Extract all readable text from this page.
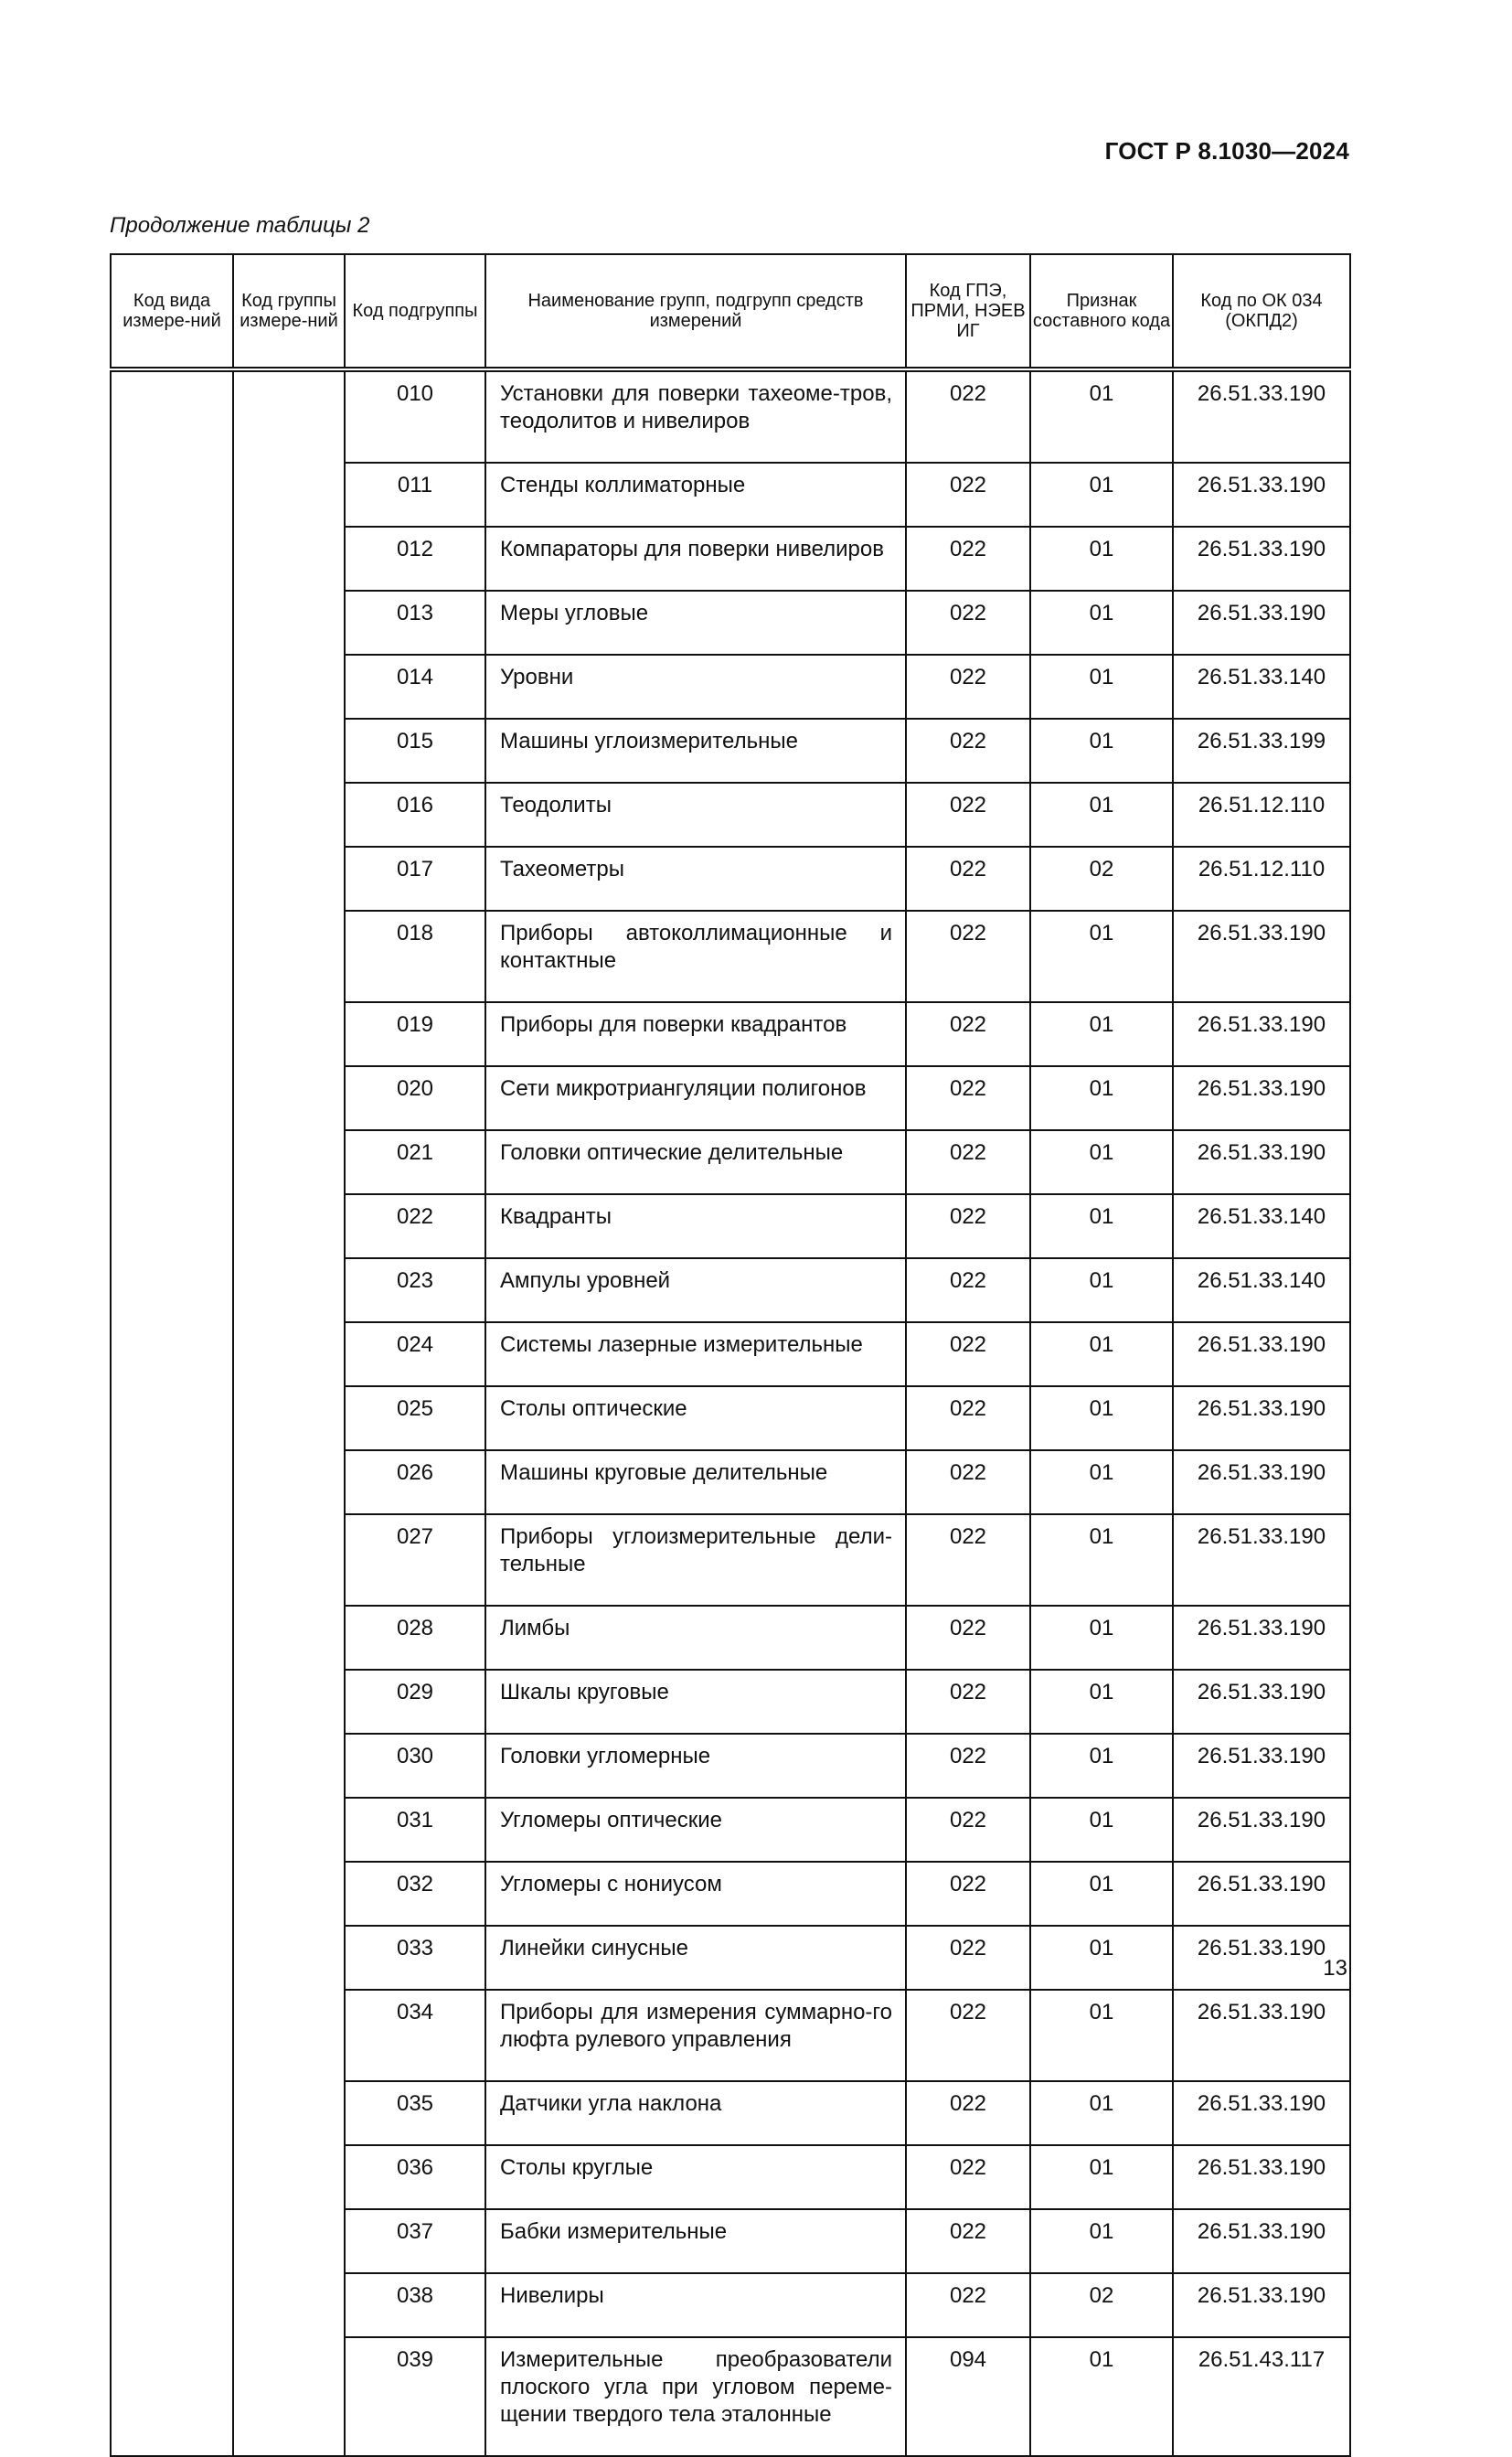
ГОСТ Р 8.1030—2024
Продолжение таблицы 2
Код вида измере-ний	Код группы измере-ний	Код подгруппы	Наименование групп, подгрупп средств измерений	Код ГПЭ, ПРМИ, НЭЕВ ИГ	Признак составного кода	Код по ОК 034 (ОКПД2)
		010	Установки для поверки тахеоме-тров, теодолитов и нивелиров	022	01	26.51.33.190
		011	Стенды коллиматорные	022	01	26.51.33.190
		012	Компараторы для поверки нивелиров	022	01	26.51.33.190
		013	Меры угловые	022	01	26.51.33.190
		014	Уровни	022	01	26.51.33.140
		015	Машины углоизмерительные	022	01	26.51.33.199
		016	Теодолиты	022	01	26.51.12.110
		017	Тахеометры	022	02	26.51.12.110
		018	Приборы автоколлимационные и контактные	022	01	26.51.33.190
		019	Приборы для поверки квадрантов	022	01	26.51.33.190
		020	Сети микротриангуляции полигонов	022	01	26.51.33.190
		021	Головки оптические делительные	022	01	26.51.33.190
		022	Квадранты	022	01	26.51.33.140
		023	Ампулы уровней	022	01	26.51.33.140
		024	Системы лазерные измерительные	022	01	26.51.33.190
		025	Столы оптические	022	01	26.51.33.190
		026	Машины круговые делительные	022	01	26.51.33.190
		027	Приборы углоизмерительные дели-тельные	022	01	26.51.33.190
		028	Лимбы	022	01	26.51.33.190
		029	Шкалы круговые	022	01	26.51.33.190
		030	Головки угломерные	022	01	26.51.33.190
		031	Угломеры оптические	022	01	26.51.33.190
		032	Угломеры с нониусом	022	01	26.51.33.190
		033	Линейки синусные	022	01	26.51.33.190
		034	Приборы для измерения суммарно-го люфта рулевого управления	022	01	26.51.33.190
		035	Датчики угла наклона	022	01	26.51.33.190
		036	Столы круглые	022	01	26.51.33.190
		037	Бабки измерительные	022	01	26.51.33.190
		038	Нивелиры	022	02	26.51.33.190
		039	Измерительные преобразователи плоского угла при угловом переме-щении твердого тела эталонные	094	01	26.51.43.117
13
